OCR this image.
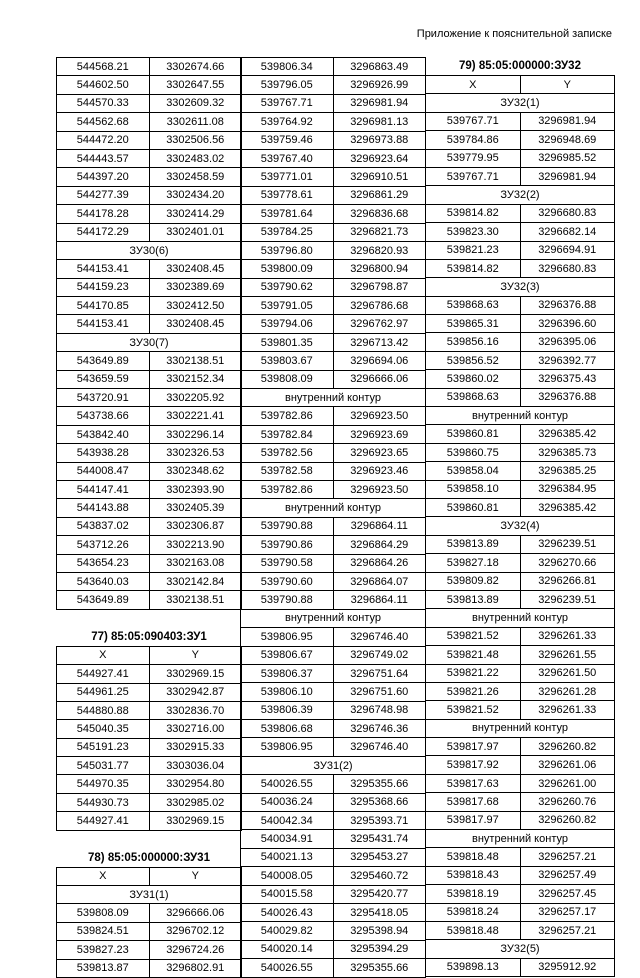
Приложение к пояснительной записке
544568.21	3302674.66
544602.50	3302647.55
544570.33	3302609.32
544562.68	3302611.08
544472.20	3302506.56
544443.57	3302483.02
544397.20	3302458.59
544277.39	3302434.20
544178.28	3302414.29
544172.29	3302401.01
ЗУ30(6)	
544153.41	3302408.45
544159.23	3302389.69
544170.85	3302412.50
544153.41	3302408.45
ЗУ30(7)	
543649.89	3302138.51
543659.59	3302152.34
543720.91	3302205.92
543738.66	3302221.41
543842.40	3302296.14
543938.28	3302326.53
544008.47	3302348.62
544147.41	3302393.90
544143.88	3302405.39
543837.02	3302306.87
543712.26	3302213.90
543654.23	3302163.08
543640.03	3302142.84
543649.89	3302138.51
77) 85:05:090403:ЗУ1
X	Y
544927.41	3302969.15
544961.25	3302942.87
544880.88	3302836.70
545040.35	3302716.00
545191.23	3302915.33
545031.77	3303036.04
544970.35	3302954.80
544930.73	3302985.02
544927.41	3302969.15
78) 85:05:000000:ЗУ31
X	Y
ЗУ31(1)	
539808.09	3296666.06
539824.51	3296702.12
539827.23	3296724.26
539813.87	3296802.91
539806.34	3296863.49
539796.05	3296926.99
539767.71	3296981.94
539764.92	3296981.13
539759.46	3296973.88
539767.40	3296923.64
539771.01	3296910.51
539778.61	3296861.29
539781.64	3296836.68
539784.25	3296821.73
539796.80	3296820.93
539800.09	3296800.94
539790.62	3296798.87
539791.05	3296786.68
539794.06	3296762.97
539801.35	3296713.42
539803.67	3296694.06
539808.09	3296666.06
внутренний контур	
539782.86	3296923.50
539782.84	3296923.69
539782.56	3296923.65
539782.58	3296923.46
539782.86	3296923.50
внутренний контур	
539790.88	3296864.11
539790.86	3296864.29
539790.58	3296864.26
539790.60	3296864.07
539790.88	3296864.11
внутренний контур	
539806.95	3296746.40
539806.67	3296749.02
539806.37	3296751.64
539806.10	3296751.60
539806.39	3296748.98
539806.68	3296746.36
539806.95	3296746.40
ЗУ31(2)	
540026.55	3295355.66
540036.24	3295368.66
540042.34	3295393.71
540034.91	3295431.74
540021.13	3295453.27
540008.05	3295460.72
540015.58	3295420.77
540026.43	3295418.05
540029.82	3295398.94
540020.14	3295394.29
540026.55	3295355.66
79) 85:05:000000:ЗУ32
X	Y
ЗУ32(1)	
539767.71	3296981.94
539784.86	3296948.69
539779.95	3296985.52
539767.71	3296981.94
ЗУ32(2)	
539814.82	3296680.83
539823.30	3296682.14
539821.23	3296694.91
539814.82	3296680.83
ЗУ32(3)	
539868.63	3296376.88
539865.31	3296396.60
539856.16	3296395.06
539856.52	3296392.77
539860.02	3296375.43
539868.63	3296376.88
внутренний контур	
539860.81	3296385.42
539860.75	3296385.73
539858.04	3296385.25
539858.10	3296384.95
539860.81	3296385.42
ЗУ32(4)	
539813.89	3296239.51
539827.18	3296270.66
539809.82	3296266.81
539813.89	3296239.51
внутренний контур	
539821.52	3296261.33
539821.48	3296261.55
539821.22	3296261.50
539821.26	3296261.28
539821.52	3296261.33
внутренний контур	
539817.97	3296260.82
539817.92	3296261.06
539817.63	3296261.00
539817.68	3296260.76
539817.97	3296260.82
внутренний контур	
539818.48	3296257.21
539818.43	3296257.49
539818.19	3296257.45
539818.24	3296257.17
539818.48	3296257.21
ЗУ32(5)	
539898.13	3295912.92
